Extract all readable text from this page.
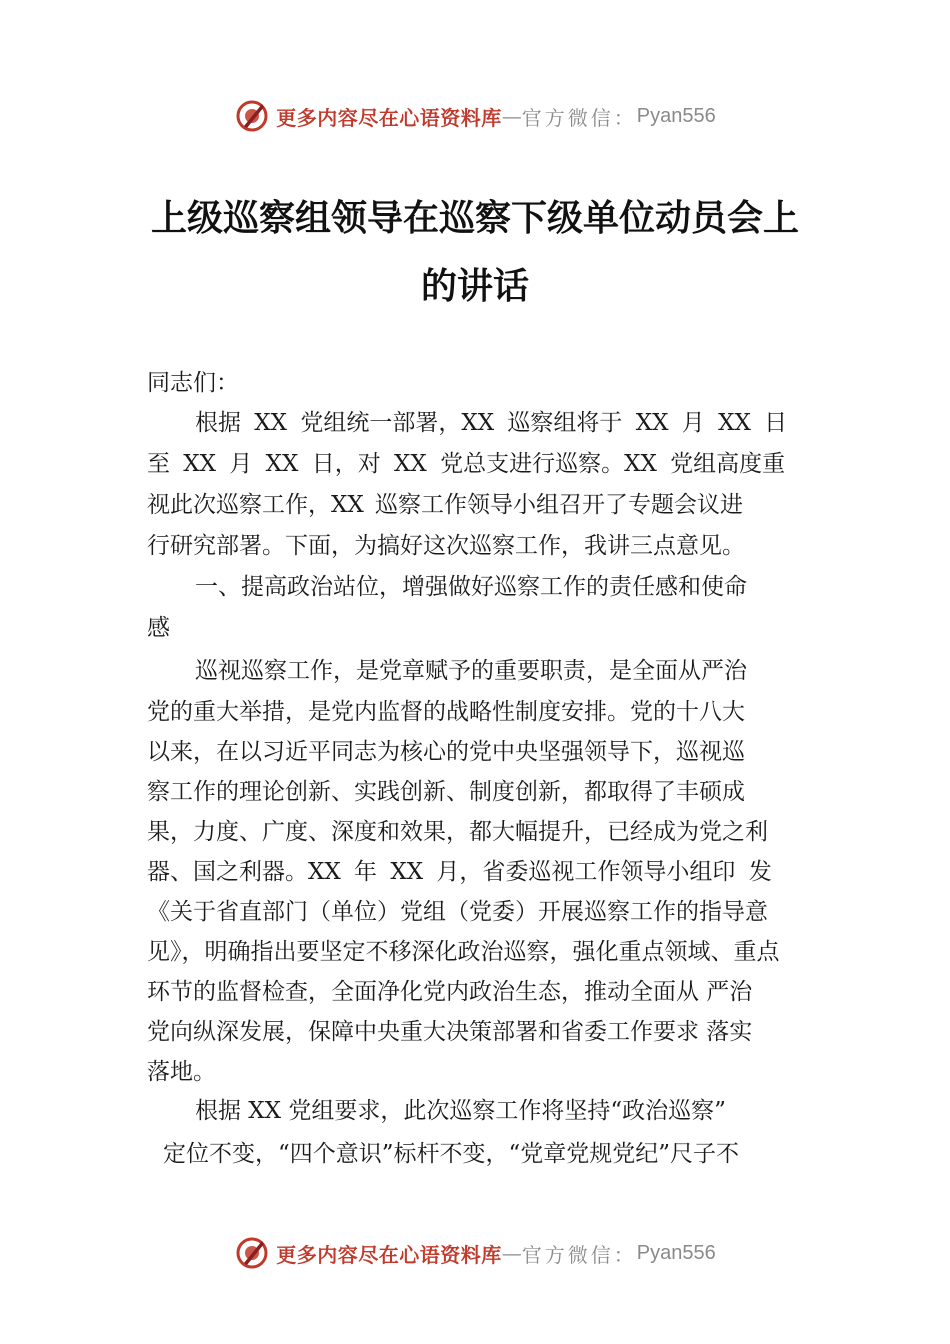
更多内容尽在心语资料库 — 官方微信： Pyan556
上级巡察组领导在巡察下级单位动员会上
的讲话
同志们：
根据 XX 党组统一部署，XX 巡察组将于 XX 月 XX 日
至 XX 月 XX 日，对 XX 党总支进行巡察。XX 党组高度重
视此次巡察工作，XX 巡察工作领导小组召开了专题会议进
行研究部署。下面，为搞好这次巡察工作，我讲三点意见。
一、提高政治站位，增强做好巡察工作的责任感和使命
感
巡视巡察工作，是党章赋予的重要职责，是全面从严治
党的重大举措，是党内监督的战略性制度安排。党的十八大
以来，在以习近平同志为核心的党中央坚强领导下，巡视巡
察工作的理论创新、实践创新、制度创新，都取得了丰硕成
果，力度、广度、深度和效果，都大幅提升，已经成为党之利
器、国之利器。XX 年 XX 月，省委巡视工作领导小组印 发
《关于省直部门（单位）党组（党委）开展巡察工作的指导意
见》，明确指出要坚定不移深化政治巡察，强化重点领域、重点
环节的监督检查，全面净化党内政治生态，推动全面从 严治
党向纵深发展，保障中央重大决策部署和省委工作要求 落实
落地。
根据 XX 党组要求，此次巡察工作将坚持“政治巡察”
定位不变，“四个意识”标杆不变，“党章党规党纪”尺子不
更多内容尽在心语资料库 — 官方微信： Pyan556
